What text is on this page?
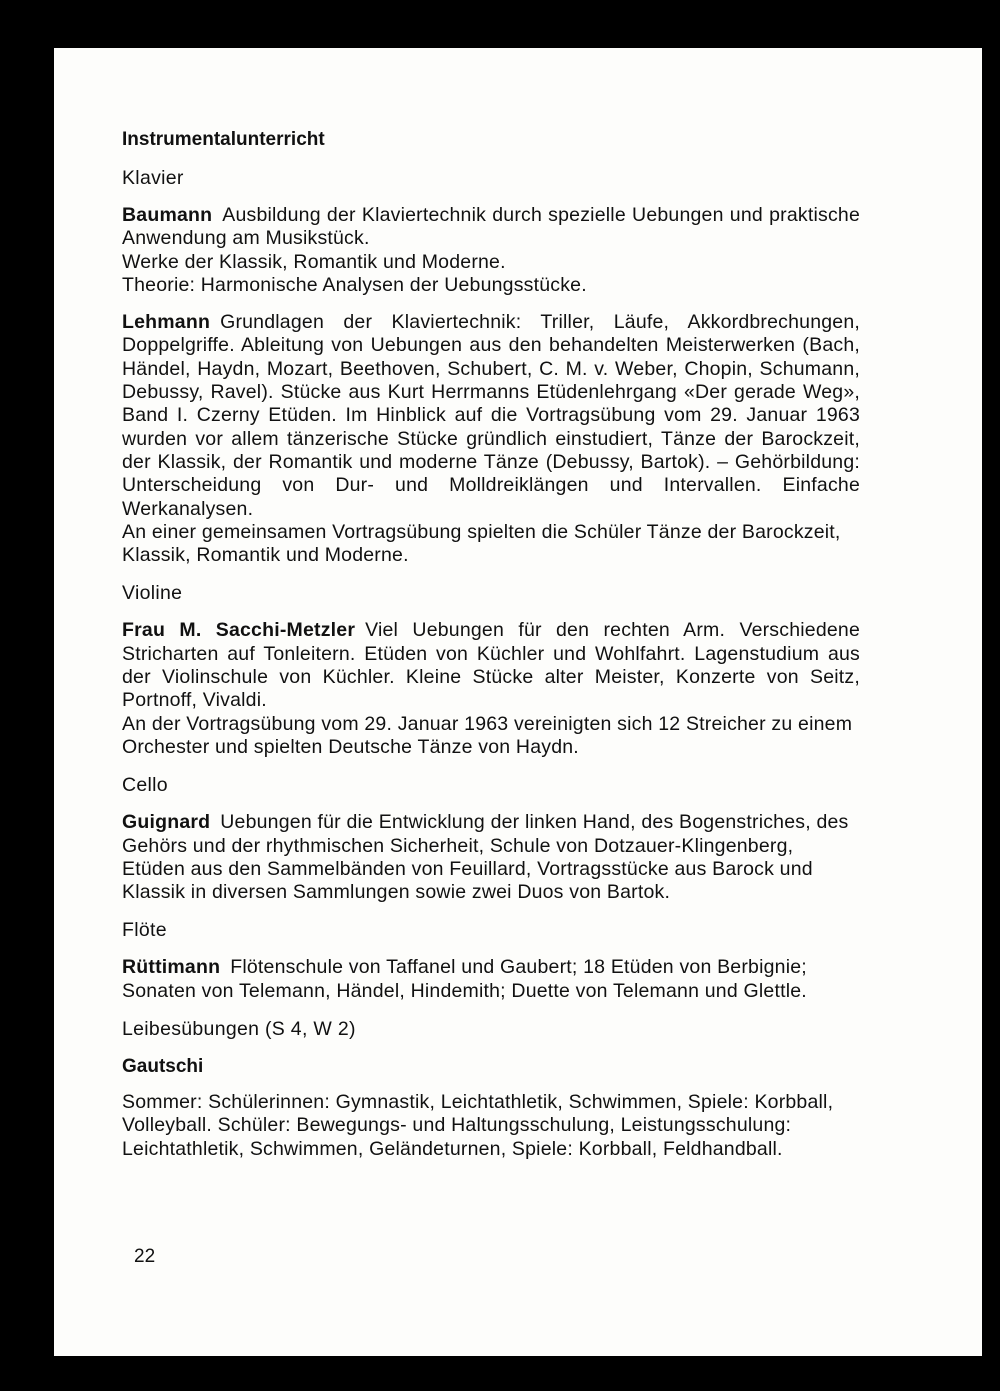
Instrumentalunterricht
Klavier
Baumann Ausbildung der Klaviertechnik durch spezielle Uebungen und praktische Anwendung am Musikstück.
Werke der Klassik, Romantik und Moderne.
Theorie: Harmonische Analysen der Uebungsstücke.
Lehmann Grundlagen der Klaviertechnik: Triller, Läufe, Akkordbrechungen, Doppelgriffe. Ableitung von Uebungen aus den behandelten Meisterwerken (Bach, Händel, Haydn, Mozart, Beethoven, Schubert, C. M. v. Weber, Chopin, Schumann, Debussy, Ravel). Stücke aus Kurt Herrmanns Etüdenlehrgang «Der gerade Weg», Band I. Czerny Etüden. Im Hinblick auf die Vortragsübung vom 29. Januar 1963 wurden vor allem tänzerische Stücke gründlich einstudiert, Tänze der Barockzeit, der Klassik, der Romantik und moderne Tänze (Debussy, Bartok). – Gehörbildung: Unterscheidung von Dur- und Molldreiklängen und Intervallen. Einfache Werkanalysen.
An einer gemeinsamen Vortragsübung spielten die Schüler Tänze der Barockzeit, Klassik, Romantik und Moderne.
Violine
Frau M. Sacchi-Metzler Viel Uebungen für den rechten Arm. Verschiedene Stricharten auf Tonleitern. Etüden von Küchler und Wohlfahrt. Lagenstudium aus der Violinschule von Küchler. Kleine Stücke alter Meister, Konzerte von Seitz, Portnoff, Vivaldi.
An der Vortragsübung vom 29. Januar 1963 vereinigten sich 12 Streicher zu einem Orchester und spielten Deutsche Tänze von Haydn.
Cello
Guignard Uebungen für die Entwicklung der linken Hand, des Bogenstriches, des Gehörs und der rhythmischen Sicherheit, Schule von Dotzauer-Klingenberg, Etüden aus den Sammelbänden von Feuillard, Vortragsstücke aus Barock und Klassik in diversen Sammlungen sowie zwei Duos von Bartok.
Flöte
Rüttimann Flötenschule von Taffanel und Gaubert; 18 Etüden von Berbignie; Sonaten von Telemann, Händel, Hindemith; Duette von Telemann und Glettle.
Leibesübungen (S 4, W 2)
Gautschi
Sommer: Schülerinnen: Gymnastik, Leichtathletik, Schwimmen, Spiele: Korbball, Volleyball. Schüler: Bewegungs- und Haltungsschulung, Leistungsschulung: Leichtathletik, Schwimmen, Geländeturnen, Spiele: Korbball, Feldhandball.
22
